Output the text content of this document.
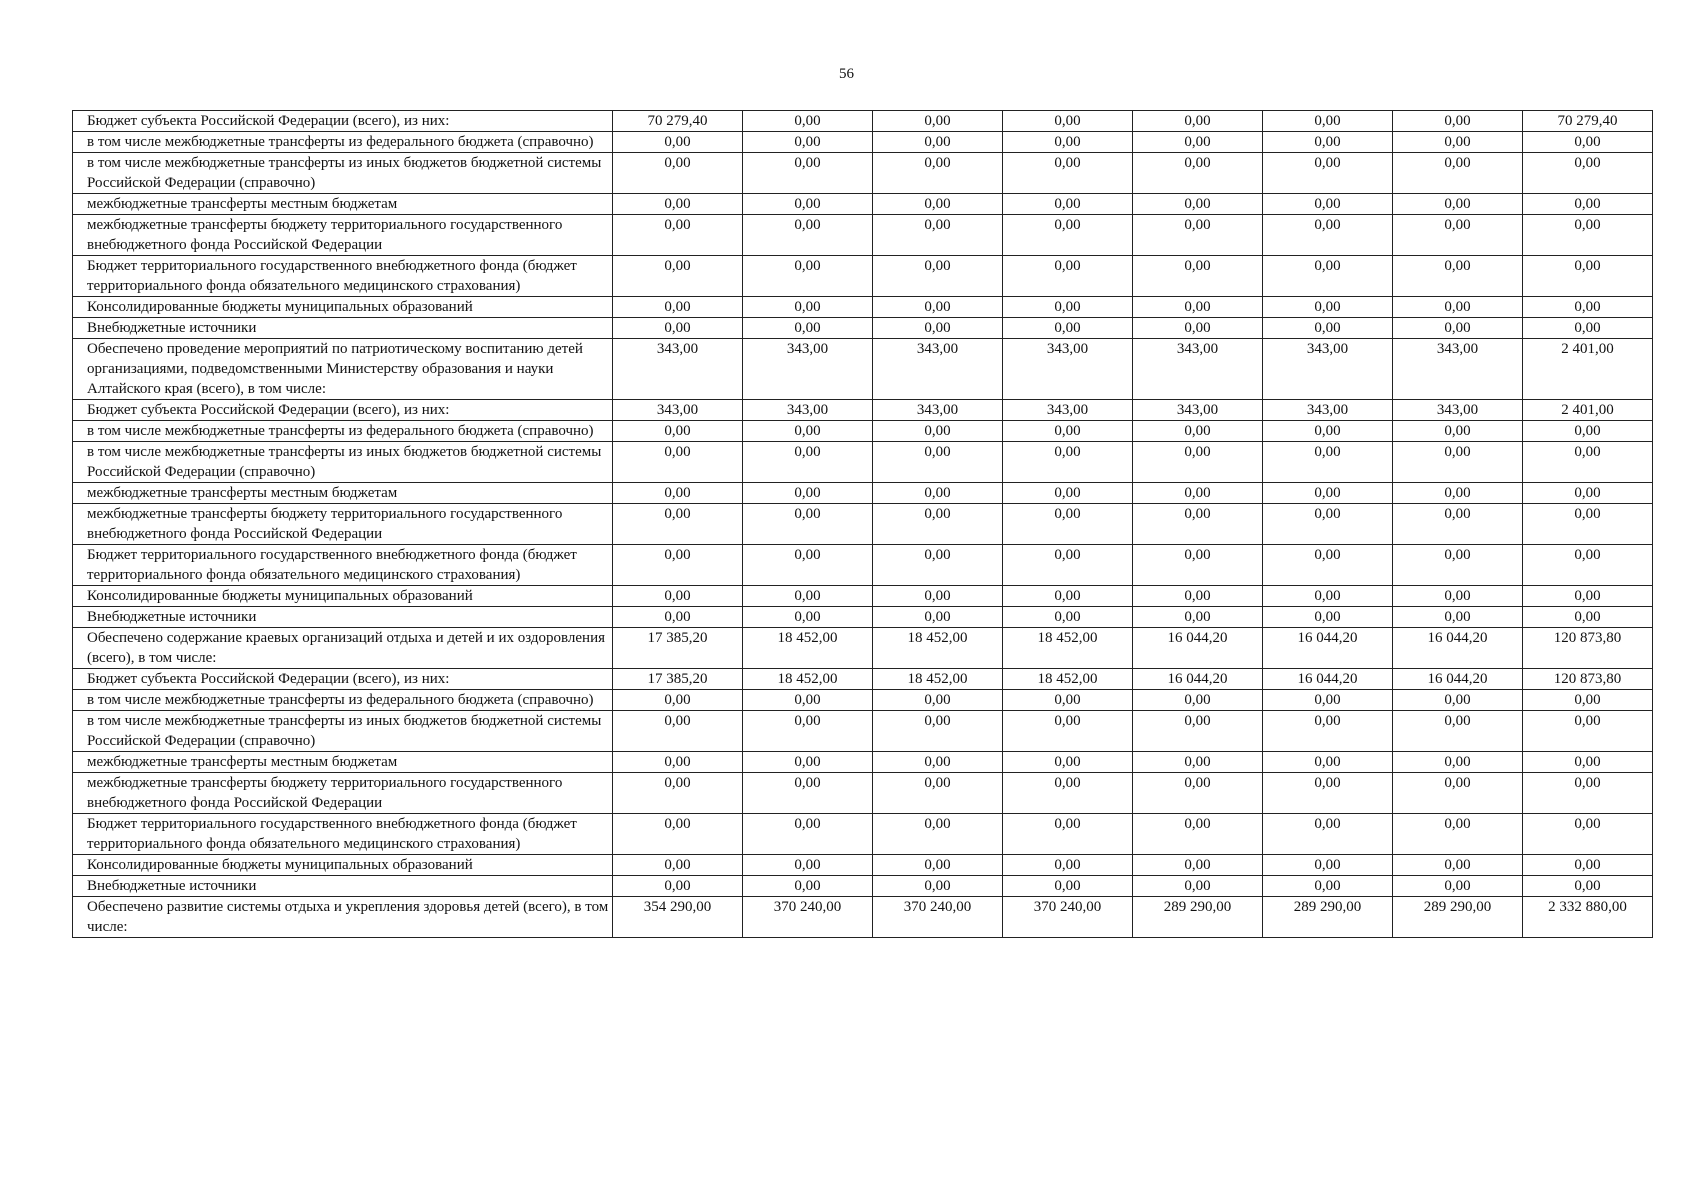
56
Бюджет субъекта Российской Федерации (всего), из них:	70 279,40	0,00	0,00	0,00	0,00	0,00	0,00	70 279,40
в том числе межбюджетные трансферты из федерального бюджета (справочно)	0,00	0,00	0,00	0,00	0,00	0,00	0,00	0,00
в том числе межбюджетные трансферты из иных бюджетов бюджетной системы Российской Федерации (справочно)	0,00	0,00	0,00	0,00	0,00	0,00	0,00	0,00
межбюджетные трансферты местным бюджетам	0,00	0,00	0,00	0,00	0,00	0,00	0,00	0,00
межбюджетные трансферты бюджету территориального государственного внебюджетного фонда Российской Федерации	0,00	0,00	0,00	0,00	0,00	0,00	0,00	0,00
Бюджет территориального государственного внебюджетного фонда (бюджет территориального фонда обязательного медицинского страхования)	0,00	0,00	0,00	0,00	0,00	0,00	0,00	0,00
Консолидированные бюджеты муниципальных образований	0,00	0,00	0,00	0,00	0,00	0,00	0,00	0,00
Внебюджетные источники	0,00	0,00	0,00	0,00	0,00	0,00	0,00	0,00
Обеспечено проведение мероприятий по патриотическому воспитанию детей организациями, подведомственными Министерству образования и науки Алтайского края (всего), в том числе:	343,00	343,00	343,00	343,00	343,00	343,00	343,00	2 401,00
Бюджет субъекта Российской Федерации (всего), из них:	343,00	343,00	343,00	343,00	343,00	343,00	343,00	2 401,00
в том числе межбюджетные трансферты из федерального бюджета (справочно)	0,00	0,00	0,00	0,00	0,00	0,00	0,00	0,00
в том числе межбюджетные трансферты из иных бюджетов бюджетной системы Российской Федерации (справочно)	0,00	0,00	0,00	0,00	0,00	0,00	0,00	0,00
межбюджетные трансферты местным бюджетам	0,00	0,00	0,00	0,00	0,00	0,00	0,00	0,00
межбюджетные трансферты бюджету территориального государственного внебюджетного фонда Российской Федерации	0,00	0,00	0,00	0,00	0,00	0,00	0,00	0,00
Бюджет территориального государственного внебюджетного фонда (бюджет территориального фонда обязательного медицинского страхования)	0,00	0,00	0,00	0,00	0,00	0,00	0,00	0,00
Консолидированные бюджеты муниципальных образований	0,00	0,00	0,00	0,00	0,00	0,00	0,00	0,00
Внебюджетные источники	0,00	0,00	0,00	0,00	0,00	0,00	0,00	0,00
Обеспечено содержание краевых организаций отдыха и детей и их оздоровления (всего), в том числе:	17 385,20	18 452,00	18 452,00	18 452,00	16 044,20	16 044,20	16 044,20	120 873,80
Бюджет субъекта Российской Федерации (всего), из них:	17 385,20	18 452,00	18 452,00	18 452,00	16 044,20	16 044,20	16 044,20	120 873,80
в том числе межбюджетные трансферты из федерального бюджета (справочно)	0,00	0,00	0,00	0,00	0,00	0,00	0,00	0,00
в том числе межбюджетные трансферты из иных бюджетов бюджетной системы Российской Федерации (справочно)	0,00	0,00	0,00	0,00	0,00	0,00	0,00	0,00
межбюджетные трансферты местным бюджетам	0,00	0,00	0,00	0,00	0,00	0,00	0,00	0,00
межбюджетные трансферты бюджету территориального государственного внебюджетного фонда Российской Федерации	0,00	0,00	0,00	0,00	0,00	0,00	0,00	0,00
Бюджет территориального государственного внебюджетного фонда (бюджет территориального фонда обязательного медицинского страхования)	0,00	0,00	0,00	0,00	0,00	0,00	0,00	0,00
Консолидированные бюджеты муниципальных образований	0,00	0,00	0,00	0,00	0,00	0,00	0,00	0,00
Внебюджетные источники	0,00	0,00	0,00	0,00	0,00	0,00	0,00	0,00
Обеспечено развитие системы отдыха и укрепления здоровья детей (всего), в том числе:	354 290,00	370 240,00	370 240,00	370 240,00	289 290,00	289 290,00	289 290,00	2 332 880,00
